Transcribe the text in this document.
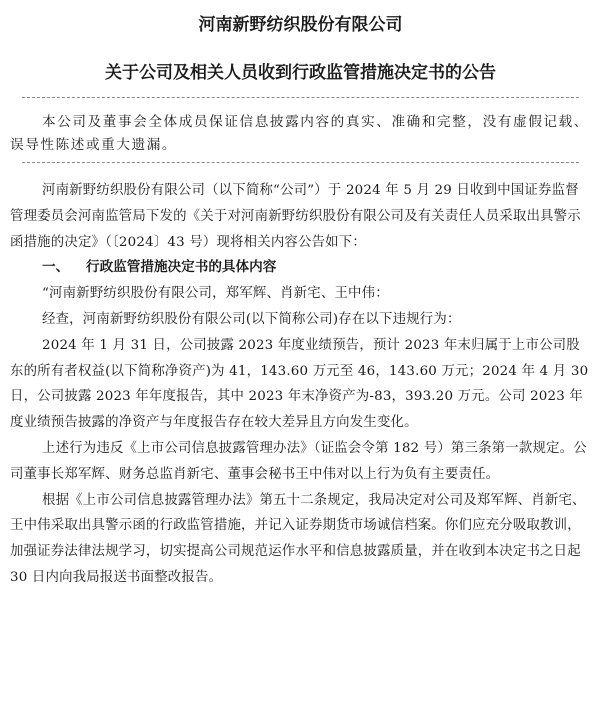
河南新野纺织股份有限公司
关于公司及相关人员收到行政监管措施决定书的公告

本公司及董事会全体成员保证信息披露内容的真实、准确和完整，没有虚假记载、误导性陈述或重大遗漏。

河南新野纺织股份有限公司（以下简称“公司”）于 2024 年 5 月 29 日收到中国证券监督管理委员会河南监管局下发的《关于对河南新野纺织股份有限公司及有关责任人员采取出具警示函措施的决定》（〔2024〕43 号）现将相关内容公告如下：

一、 行政监管措施决定书的具体内容

“河南新野纺织股份有限公司，郑军辉、肖新宅、王中伟：

经查，河南新野纺织股份有限公司(以下简称公司)存在以下违规行为：

2024 年 1 月 31 日，公司披露 2023 年度业绩预告，预计 2023 年末归属于上市公司股东的所有者权益(以下简称净资产)为 41，143.60 万元至 46，143.60 万元；2024 年 4 月 30 日，公司披露 2023 年年度报告，其中 2023 年末净资产为-83，393.20 万元。公司 2023 年度业绩预告披露的净资产与年度报告存在较大差异且方向发生变化。

上述行为违反《上市公司信息披露管理办法》（证监会令第 182 号）第三条第一款规定。公司董事长郑军辉、财务总监肖新宅、董事会秘书王中伟对以上行为负有主要责任。

根据《上市公司信息披露管理办法》第五十二条规定，我局决定对公司及郑军辉、肖新宅、王中伟采取出具警示函的行政监管措施，并记入证券期货市场诚信档案。你们应充分吸取教训，加强证券法律法规学习，切实提高公司规范运作水平和信息披露质量，并在收到本决定书之日起 30 日内向我局报送书面整改报告。
